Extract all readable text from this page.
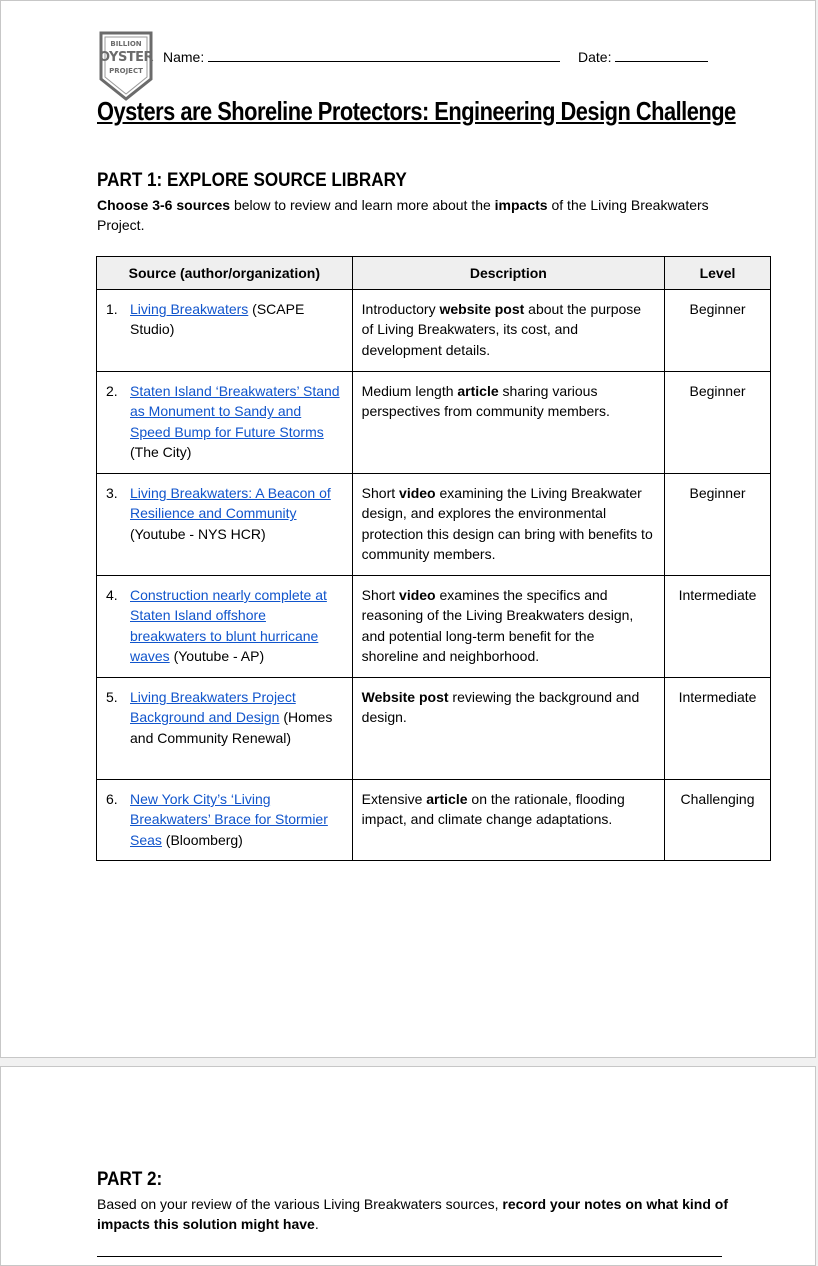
BILLION
OYSTER
PROJECT
Name:	Date:
Oysters are Shoreline Protectors: Engineering Design Challenge
PART 1: EXPLORE SOURCE LIBRARY
Choose 3-6 sources below to review and learn more about the impacts of the Living Breakwaters Project.
Source (author/organization)	Description	Level

1. Living Breakwaters (SCAPE Studio)	Introductory website post about the purpose of Living Breakwaters, its cost, and development details.	Beginner

2. Staten Island ‘Breakwaters’ Stand as Monument to Sandy and Speed Bump for Future Storms (The City)	Medium length article sharing various perspectives from community members.	Beginner

3. Living Breakwaters: A Beacon of Resilience and Community (Youtube - NYS HCR)	Short video examining the Living Breakwater design, and explores the environmental protection this design can bring with benefits to community members.	Beginner

4. Construction nearly complete at Staten Island offshore breakwaters to blunt hurricane waves (Youtube - AP)	Short video examines the specifics and reasoning of the Living Breakwaters design, and potential long-term benefit for the shoreline and neighborhood.	Intermediate

5. Living Breakwaters Project Background and Design (Homes and Community Renewal)	Website post reviewing the background and design.	Intermediate

6. New York City’s ‘Living Breakwaters’ Brace for Stormier Seas (Bloomberg)	Extensive article on the rationale, flooding impact, and climate change adaptations.	Challenging
PART 2:
Based on your review of the various Living Breakwaters sources, record your notes on what kind of impacts this solution might have.
